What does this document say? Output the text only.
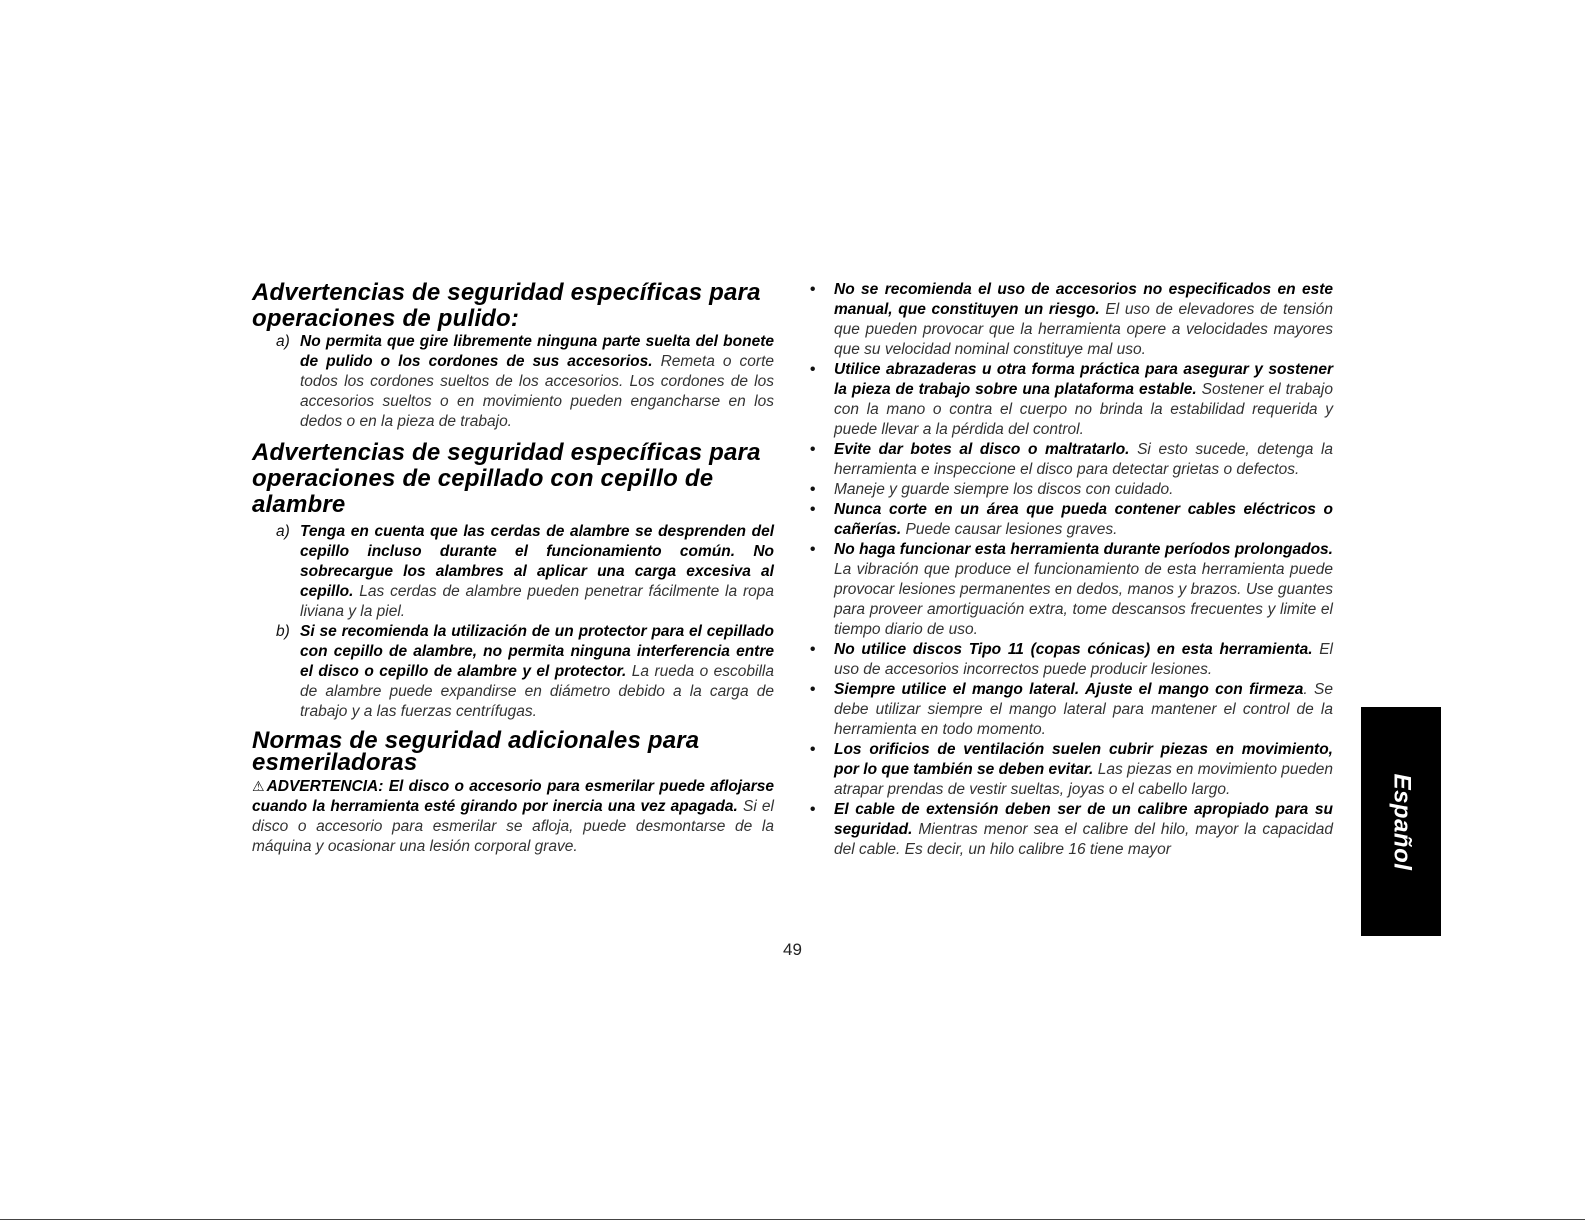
Advertencias de seguridad específicas para operaciones de pulido:
a) No permita que gire libremente ninguna parte suelta del bonete de pulido o los cordones de sus accesorios. Remeta o corte todos los cordones sueltos de los accesorios. Los cordones de los accesorios sueltos o en movimiento pueden engancharse en los dedos o en la pieza de trabajo.
Advertencias de seguridad específicas para operaciones de cepillado con cepillo de alambre
a) Tenga en cuenta que las cerdas de alambre se desprenden del cepillo incluso durante el funcionamiento común. No sobrecargue los alambres al aplicar una carga excesiva al cepillo. Las cerdas de alambre pueden penetrar fácilmente la ropa liviana y la piel.
b) Si se recomienda la utilización de un protector para el cepillado con cepillo de alambre, no permita ninguna interferencia entre el disco o cepillo de alambre y el protector. La rueda o escobilla de alambre puede expandirse en diámetro debido a la carga de trabajo y a las fuerzas centrífugas.
Normas de seguridad adicionales para esmeriladoras
⚠ ADVERTENCIA: El disco o accesorio para esmerilar puede aflojarse cuando la herramienta esté girando por inercia una vez apagada. Si el disco o accesorio para esmerilar se afloja, puede desmontarse de la máquina y ocasionar una lesión corporal grave.
• No se recomienda el uso de accesorios no especificados en este manual, que constituyen un riesgo. El uso de elevadores de tensión que pueden provocar que la herramienta opere a velocidades mayores que su velocidad nominal constituye mal uso.
• Utilice abrazaderas u otra forma práctica para asegurar y sostener la pieza de trabajo sobre una plataforma estable. Sostener el trabajo con la mano o contra el cuerpo no brinda la estabilidad requerida y puede llevar a la pérdida del control.
• Evite dar botes al disco o maltratarlo. Si esto sucede, detenga la herramienta e inspeccione el disco para detectar grietas o defectos.
• Maneje y guarde siempre los discos con cuidado.
• Nunca corte en un área que pueda contener cables eléctricos o cañerías. Puede causar lesiones graves.
• No haga funcionar esta herramienta durante períodos prolongados. La vibración que produce el funcionamiento de esta herramienta puede provocar lesiones permanentes en dedos, manos y brazos. Use guantes para proveer amortiguación extra, tome descansos frecuentes y limite el tiempo diario de uso.
• No utilice discos Tipo 11 (copas cónicas) en esta herramienta. El uso de accesorios incorrectos puede producir lesiones.
• Siempre utilice el mango lateral. Ajuste el mango con firmeza. Se debe utilizar siempre el mango lateral para mantener el control de la herramienta en todo momento.
• Los orificios de ventilación suelen cubrir piezas en movimiento, por lo que también se deben evitar. Las piezas en movimiento pueden atrapar prendas de vestir sueltas, joyas o el cabello largo.
• El cable de extensión deben ser de un calibre apropiado para su seguridad. Mientras menor sea el calibre del hilo, mayor la capacidad del cable. Es decir, un hilo calibre 16 tiene mayor
49
Español
